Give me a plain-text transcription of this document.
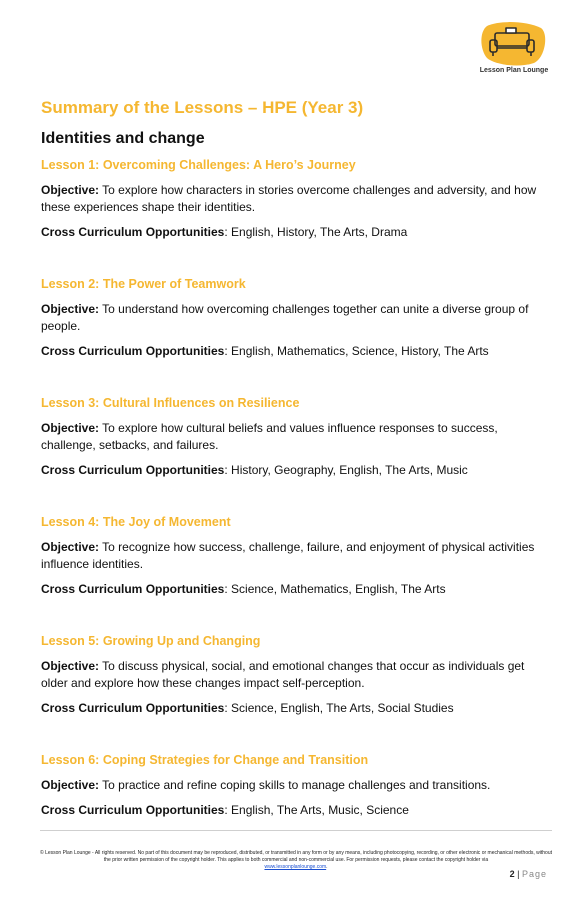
Lesson Plan Lounge
Summary of the Lessons – HPE (Year 3)
Identities and change
Lesson 1: Overcoming Challenges: A Hero’s Journey

Objective: To explore how characters in stories overcome challenges and adversity, and how these experiences shape their identities.

Cross Curriculum Opportunities: English, History, The Arts, Drama

Lesson 2: The Power of Teamwork

Objective: To understand how overcoming challenges together can unite a diverse group of people.

Cross Curriculum Opportunities: English, Mathematics, Science, History, The Arts

Lesson 3: Cultural Influences on Resilience

Objective: To explore how cultural beliefs and values influence responses to success, challenge, setbacks, and failures.

Cross Curriculum Opportunities: History, Geography, English, The Arts, Music

Lesson 4: The Joy of Movement

Objective: To recognize how success, challenge, failure, and enjoyment of physical activities influence identities.

Cross Curriculum Opportunities: Science, Mathematics, English, The Arts

Lesson 5: Growing Up and Changing

Objective: To discuss physical, social, and emotional changes that occur as individuals get older and explore how these changes impact self-perception.

Cross Curriculum Opportunities: Science, English, The Arts, Social Studies

Lesson 6: Coping Strategies for Change and Transition

Objective: To practice and refine coping skills to manage challenges and transitions.

Cross Curriculum Opportunities: English, The Arts, Music, Science

© Lesson Plan Lounge - All rights reserved. No part of this document may be reproduced, distributed, or transmitted in any form or by any means, including photocopying, recording, or other electronic or mechanical methods, without the prior written permission of the copyright holder. This applies to both commercial and non-commercial use. For permission requests, please contact the copyright holder via
www.lessonplanlounge.com.
2 | Page
